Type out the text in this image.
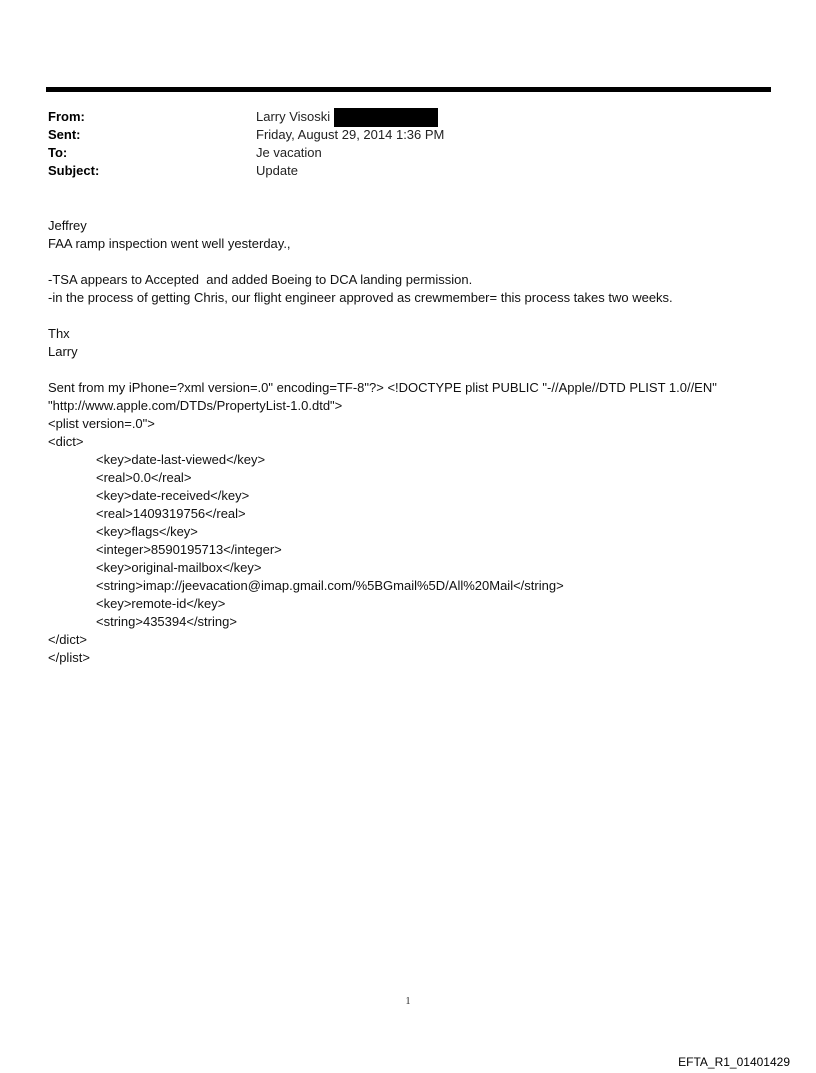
From:	Larry Visoski
Sent:	Friday, August 29, 2014 1:36 PM
To:	Je vacation
Subject:	Update

Jeffrey

FAA ramp inspection went well yesterday.,

-TSA appears to Accepted  and added Boeing to DCA landing permission.

-in the process of getting Chris, our flight engineer approved as crewmember= this process takes two weeks.

Thx

Larry

Sent from my iPhone=?xml version=.0" encoding=TF-8"?> <!DOCTYPE plist PUBLIC "-//Apple//DTD PLIST 1.0//EN"

"http://www.apple.com/DTDs/PropertyList-1.0.dtd">

<plist version=.0">

<dict>

<key>date-last-viewed</key>

<real>0.0</real>

<key>date-received</key>

<real>1409319756</real>

<key>flags</key>

<integer>8590195713</integer>

<key>original-mailbox</key>

<string>imap://jeevacation@imap.gmail.com/%5BGmail%5D/All%20Mail</string>

<key>remote-id</key>

<string>435394</string>

</dict>

</plist>

1
EFTA_R1_01401429
